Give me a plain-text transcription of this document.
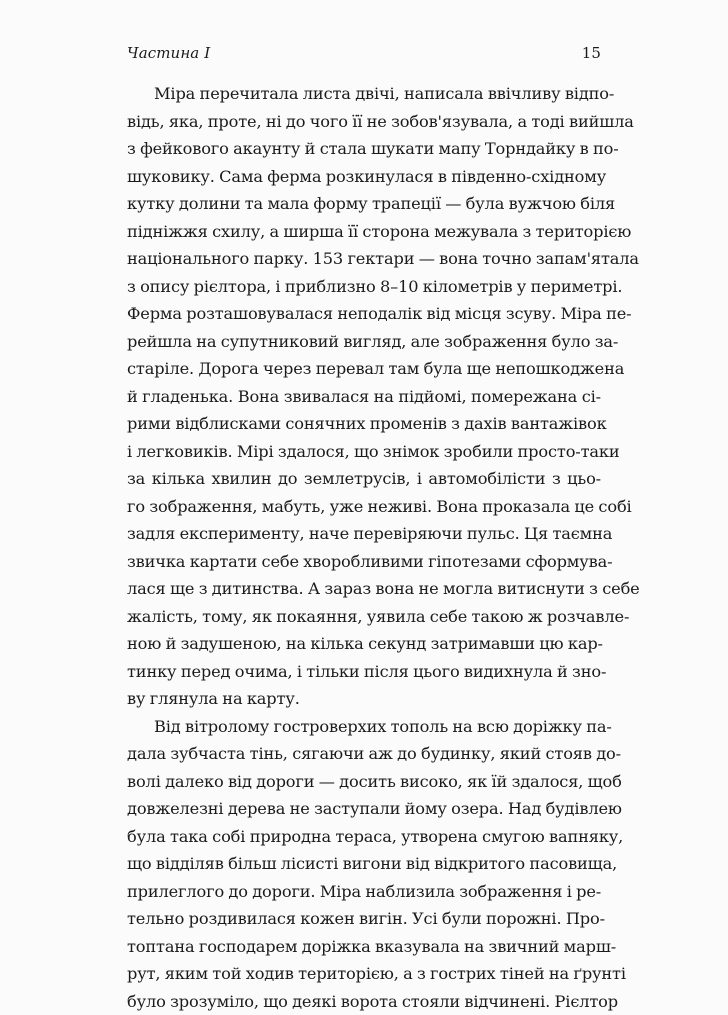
Частина I	15

Міра перечитала листа двічі, написала ввічливу відпо-
відь, яка, проте, ні до чого її не зобов'язувала, а тоді вийшла
з фейкового акаунту й стала шукати мапу Торндайку в по-
шуковику. Сама ферма розкинулася в південно-східному
кутку долини та мала форму трапеції — була вужчою біля
підніжжя схилу, а ширша її сторона межувала з територією
національного парку. 153 гектари — вона точно запам'ятала
з опису рієлтора, і приблизно 8–10 кілометрів у периметрі.
Ферма розташовувалася неподалік від місця зсуву. Міра пе-
рейшла на супутниковий вигляд, але зображення було за-
старіле. Дорога через перевал там була ще непошкоджена
й гладенька. Вона звивалася на підйомі, помережана сі-
рими відблисками сонячних променів з дахів вантажівок
і легковиків. Мірі здалося, що знімок зробили просто-таки
за кілька хвилин до землетрусів, і автомобілісти з цьо-
го зображення, мабуть, уже неживі. Вона проказала це собі
задля експерименту, наче перевіряючи пульс. Ця таємна
звичка картати себе хворобливими гіпотезами сформува-
лася ще з дитинства. А зараз вона не могла витиснути з себе
жалість, тому, як покаяння, уявила себе такою ж розчавле-
ною й задушеною, на кілька секунд затримавши цю кар-
тинку перед очима, і тільки після цього видихнула й зно-
ву глянула на карту.

Від вітролому гостроверхих тополь на всю доріжку па-
дала зубчаста тінь, сягаючи аж до будинку, який стояв до-
волі далеко від дороги — досить високо, як їй здалося, щоб
довжелезні дерева не заступали йому озера. Над будівлею
була така собі природна тераса, утворена смугою вапняку,
що відділяв більш лісисті вигони від відкритого пасовища,
прилеглого до дороги. Міра наблизила зображення і ре-
тельно роздивилася кожен вигін. Усі були порожні. Про-
топтана господарем доріжка вказувала на звичний марш-
рут, яким той ходив територією, а з гострих тіней на ґрунті
було зрозуміло, що деякі ворота стояли відчинені. Рієлтор
